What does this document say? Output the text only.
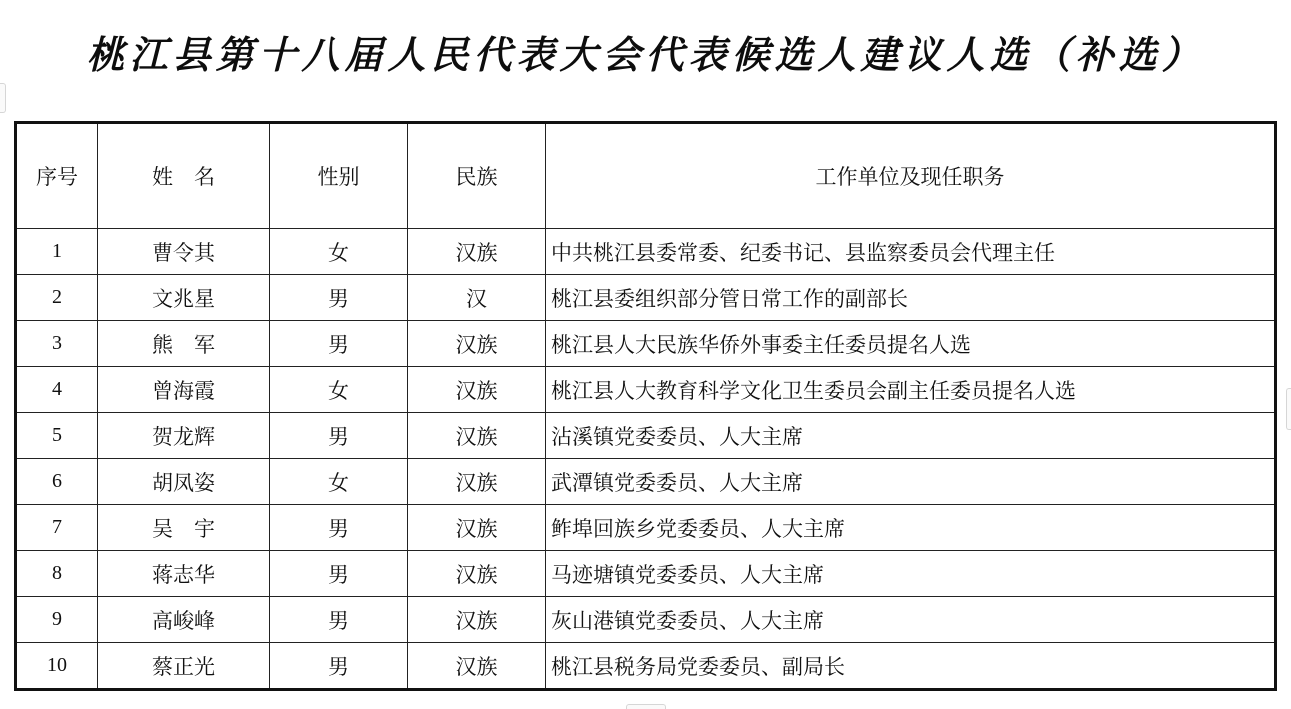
桃江县第十八届人民代表大会代表候选人建议人选（补选）
序号	姓　名	性别	民族	工作单位及现任职务
1	曹令其	女	汉族	中共桃江县委常委、纪委书记、县监察委员会代理主任
2	文兆星	男	汉	桃江县委组织部分管日常工作的副部长
3	熊　军	男	汉族	桃江县人大民族华侨外事委主任委员提名人选
4	曾海霞	女	汉族	桃江县人大教育科学文化卫生委员会副主任委员提名人选
5	贺龙辉	男	汉族	沾溪镇党委委员、人大主席
6	胡凤姿	女	汉族	武潭镇党委委员、人大主席
7	吴　宇	男	汉族	鲊埠回族乡党委委员、人大主席
8	蒋志华	男	汉族	马迹塘镇党委委员、人大主席
9	高峻峰	男	汉族	灰山港镇党委委员、人大主席
10	蔡正光	男	汉族	桃江县税务局党委委员、副局长
